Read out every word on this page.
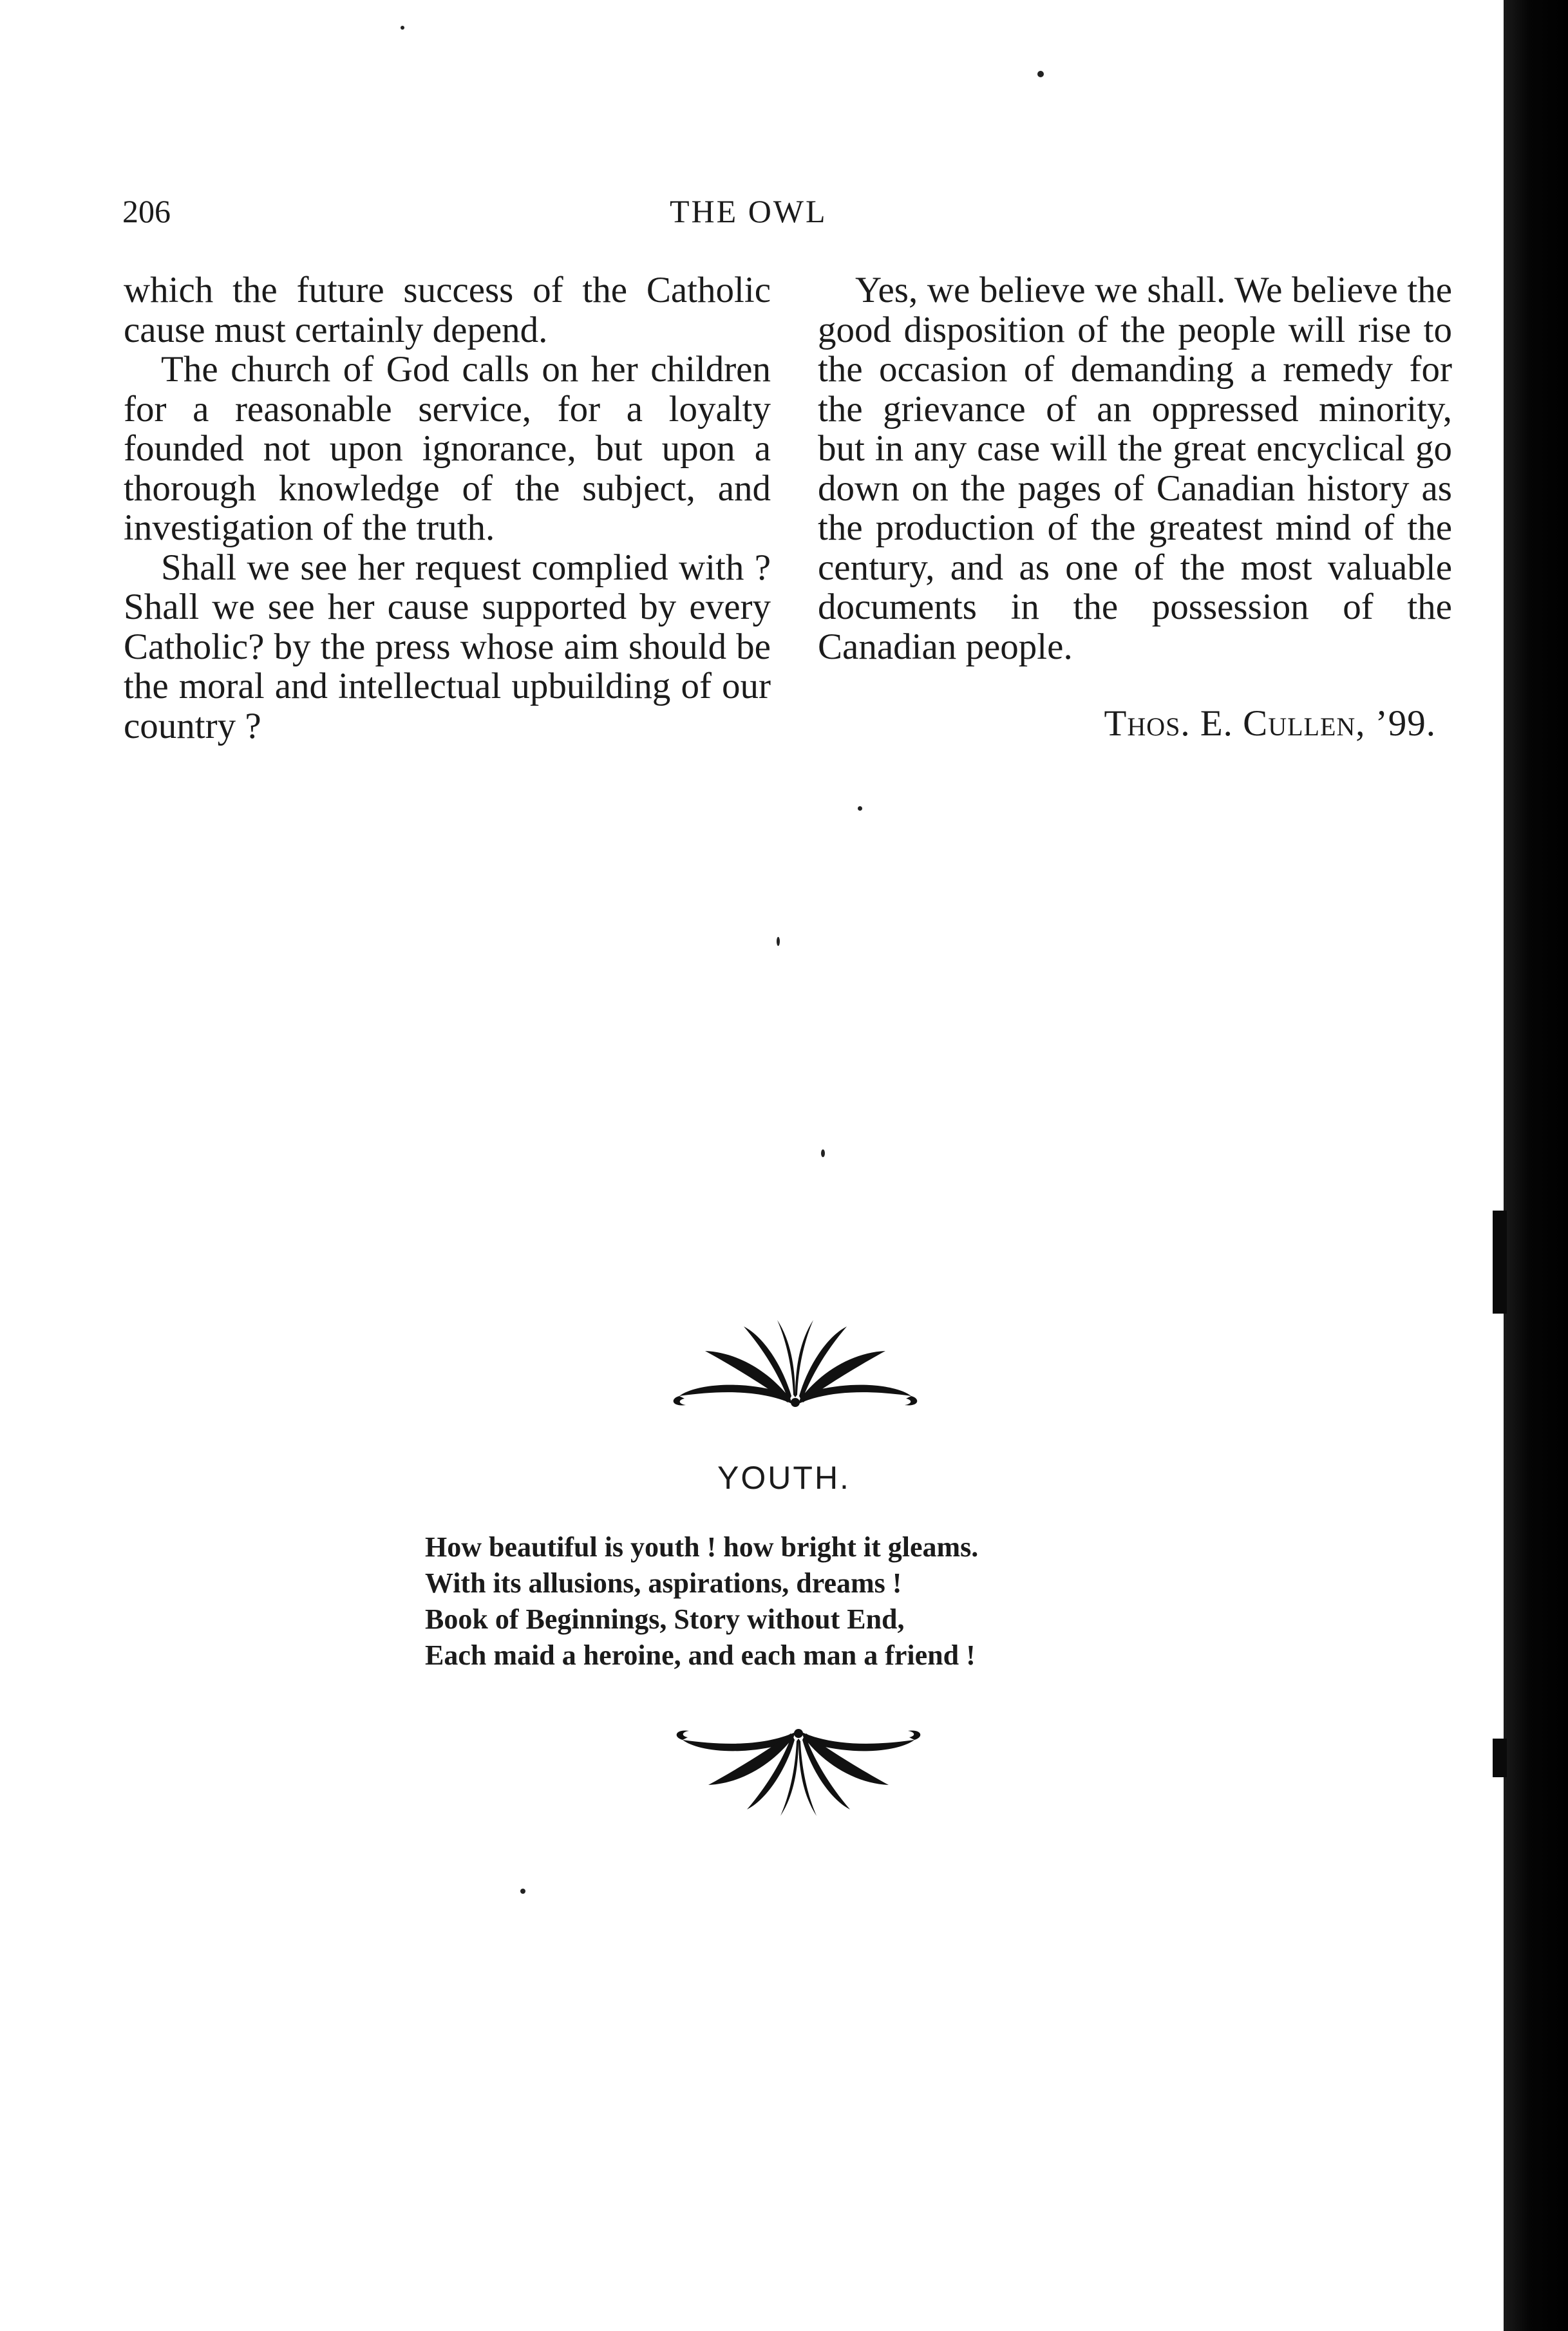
206	THE OWL

which the future success of the Catholic cause must certainly depend.

The church of God calls on her children for a reasonable service, for a loyalty founded not upon ignorance, but upon a thorough knowledge of the subject, and investigation of the truth.

Shall we see her request complied with ? Shall we see her cause supported by every Catholic? by the press whose aim should be the moral and intellectual upbuilding of our country ?

Yes, we believe we shall. We believe the good disposition of the people will rise to the occasion of demanding a remedy for the grievance of an oppressed minority, but in any case will the great encyclical go down on the pages of Canadian history as the production of the greatest mind of the century, and as one of the most valuable documents in the possession of the Canadian people.

Thos. E. Cullen, ’99.

YOUTH.
How beautiful is youth ! how bright it gleams.
With its allusions, aspirations, dreams !
Book of Beginnings, Story without End,
Each maid a heroine, and each man a friend !
